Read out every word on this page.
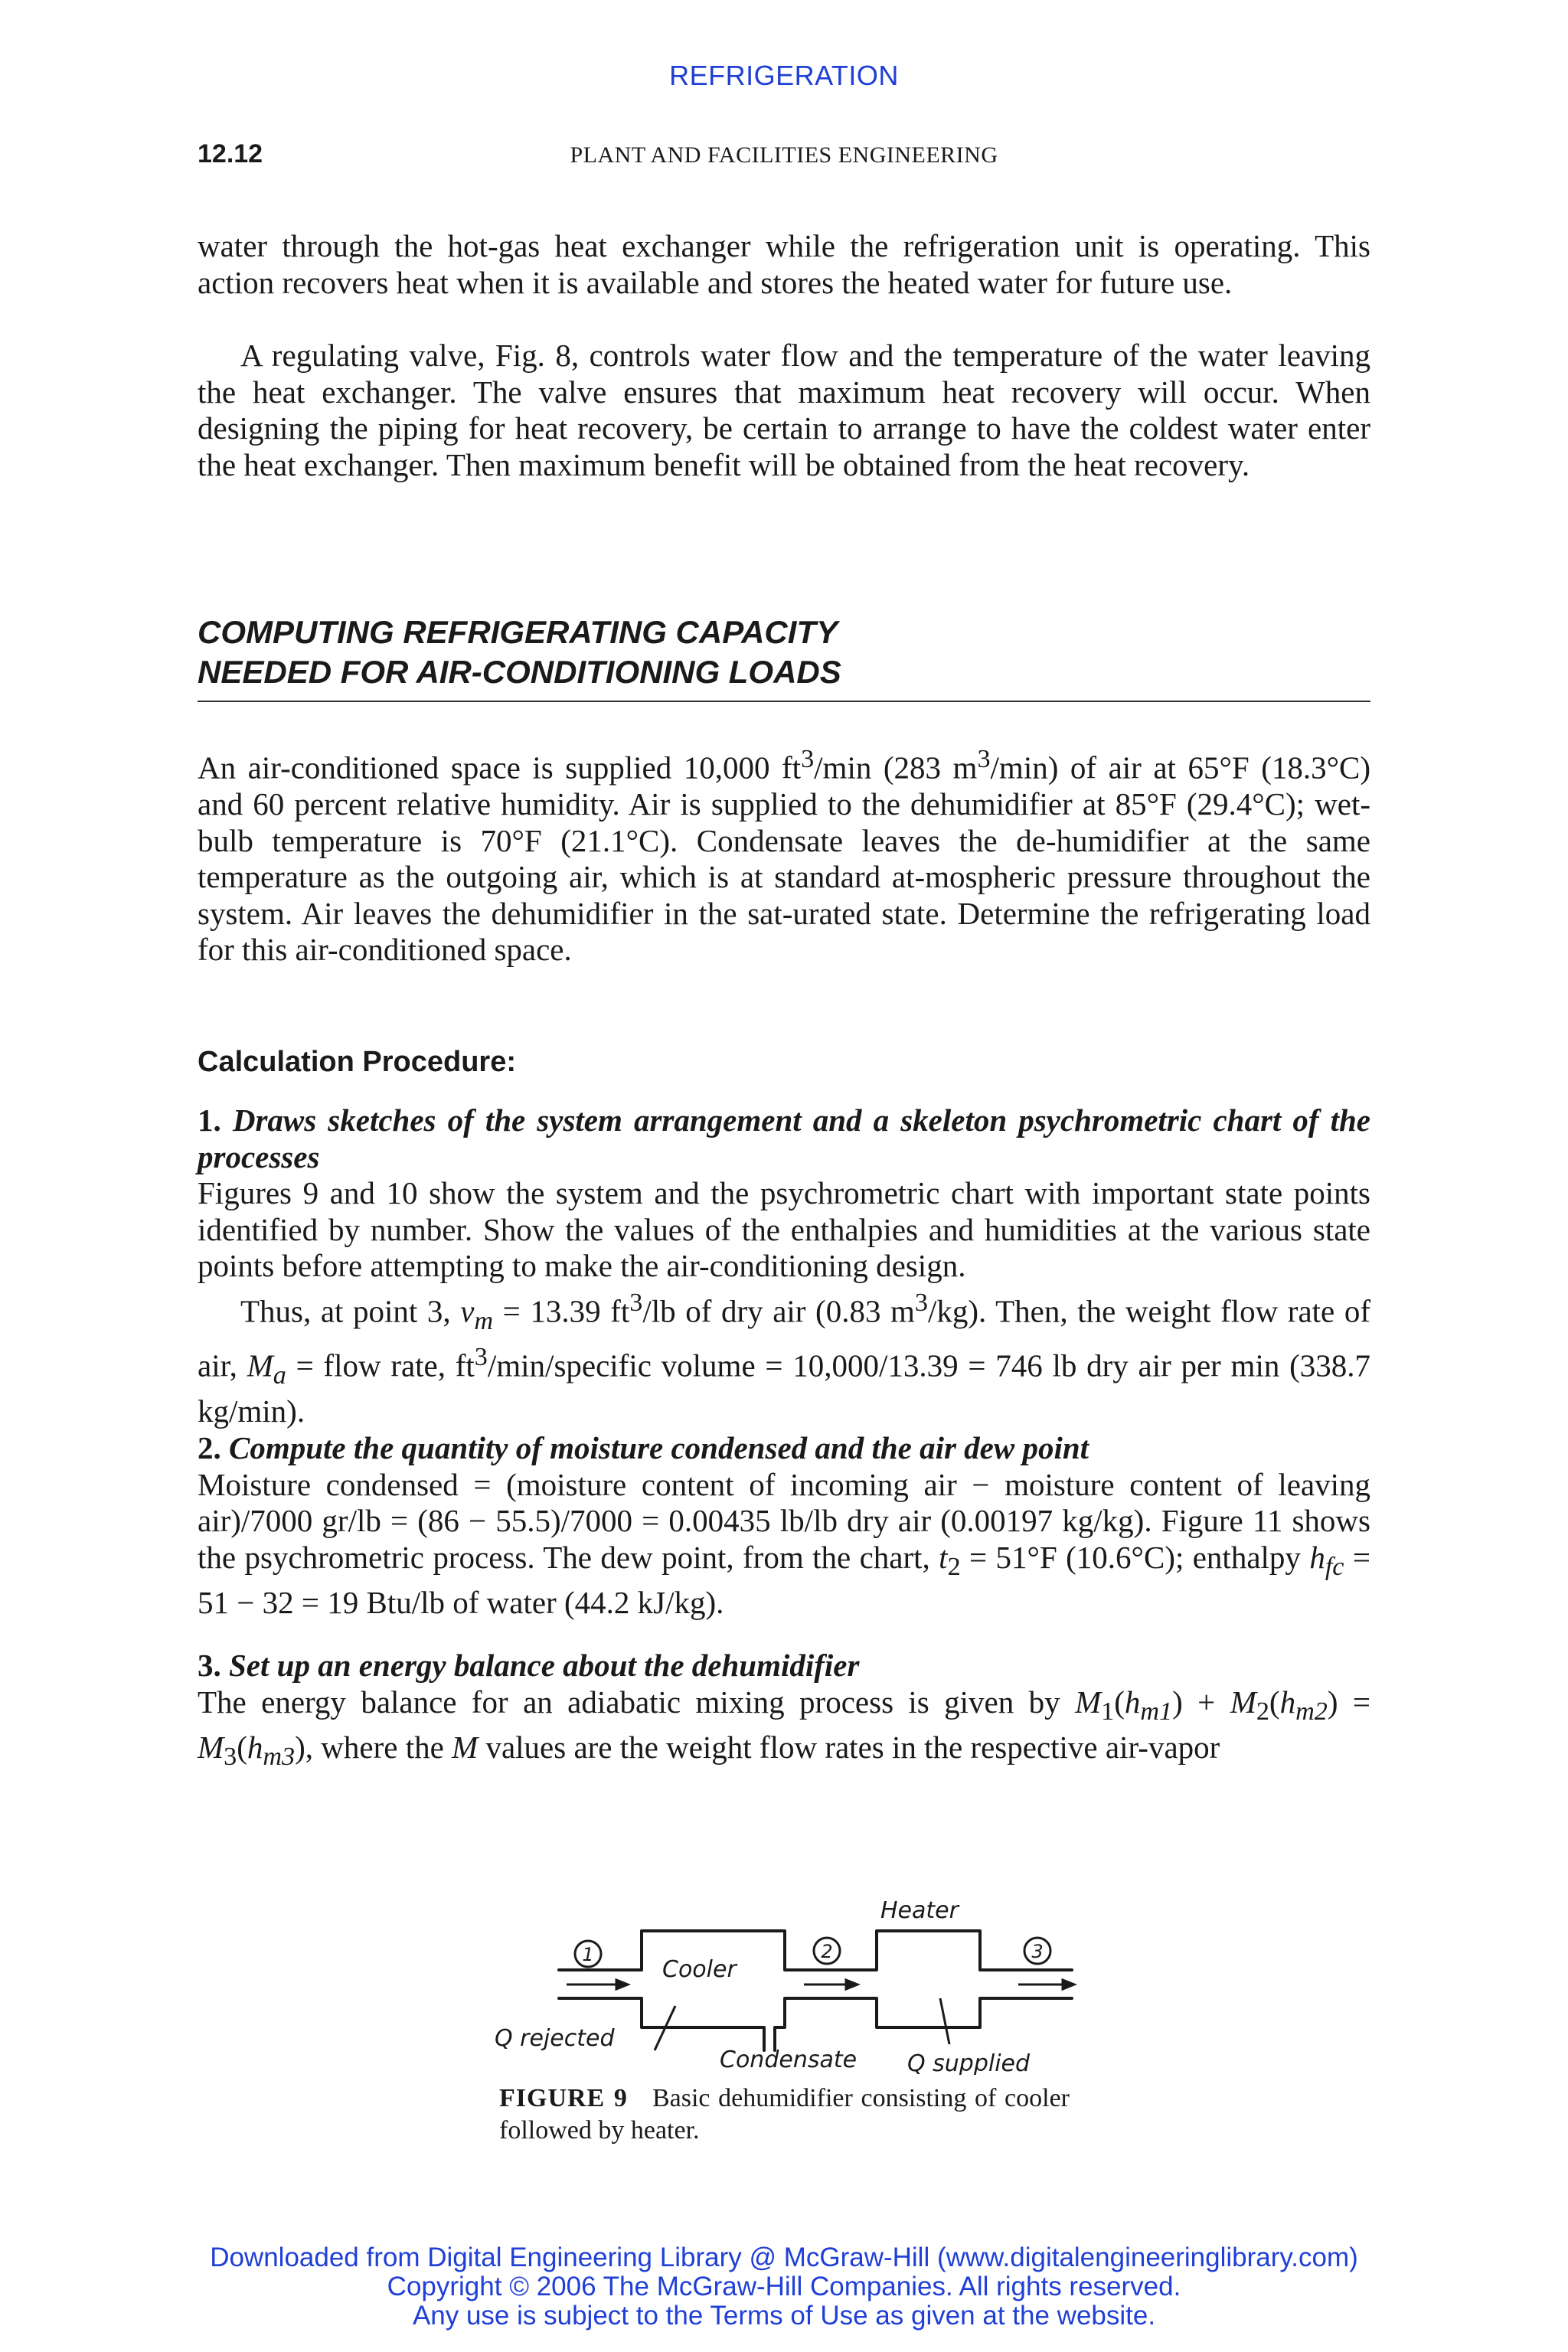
REFRIGERATION
12.12	PLANT AND FACILITIES ENGINEERING
water through the hot-gas heat exchanger while the refrigeration unit is operating. This action recovers heat when it is available and stores the heated water for future use.
A regulating valve, Fig. 8, controls water flow and the temperature of the water leaving the heat exchanger. The valve ensures that maximum heat recovery will occur. When designing the piping for heat recovery, be certain to arrange to have the coldest water enter the heat exchanger. Then maximum benefit will be obtained from the heat recovery.
COMPUTING REFRIGERATING CAPACITY
NEEDED FOR AIR-CONDITIONING LOADS
An air-conditioned space is supplied 10,000 $ft^3/\min$ (283 $m^3/\min$) of air at 65°F (18.3°C) and 60 percent relative humidity. Air is supplied to the dehumidifier at 85°F (29.4°C); wet-bulb temperature is 70°F (21.1°C). Condensate leaves the de-humidifier at the same temperature as the outgoing air, which is at standard at-mospheric pressure throughout the system. Air leaves the dehumidifier in the sat-urated state. Determine the refrigerating load for this air-conditioned space.
Calculation Procedure:
1. Draws sketches of the system arrangement and a skeleton psychrometric chart of the processes
Figures 9 and 10 show the system and the psychrometric chart with important state points identified by number. Show the values of the enthalpies and humidities at the various state points before attempting to make the air-conditioning design.
Thus, at point 3, $v_m = 13.39$ $ft^3/lb$ of dry air (0.83 $m^3/kg$). Then, the weight flow rate of air, $M_a$ = flow rate, $ft^3/\min$/specific volume = 10,000/13.39 = 746 lb dry air per min (338.7 kg/min).
2. Compute the quantity of moisture condensed and the air dew point
Moisture condensed = (moisture content of incoming air − moisture content of leaving air)/7000 gr/lb = (86 − 55.5)/7000 = 0.00435 lb/lb dry air (0.00197 kg/kg). Figure 11 shows the psychrometric process. The dew point, from the chart, $t_2 = 51^\circ F$ (10.6°C); enthalpy $h_{fc} = 51 - 32 = 19$ Btu/lb of water (44.2 kJ/kg).
3. Set up an energy balance about the dehumidifier
The energy balance for an adiabatic mixing process is given by $M_1(h_{m1}) + M_2(h_{m2}) = M_3(h_{m3})$, where the M values are the weight flow rates in the respective air-vapor
1	2	3
Heater
Cooler
Q rejected
Condensate Q supplied
FIGURE 9 Basic dehumidifier consisting of cooler followed by heater.
Downloaded from Digital Engineering Library @ McGraw-Hill (www.digitalengineeringlibrary.com)
Copyright © 2006 The McGraw-Hill Companies. All rights reserved.
Any use is subject to the Terms of Use as given at the website.
